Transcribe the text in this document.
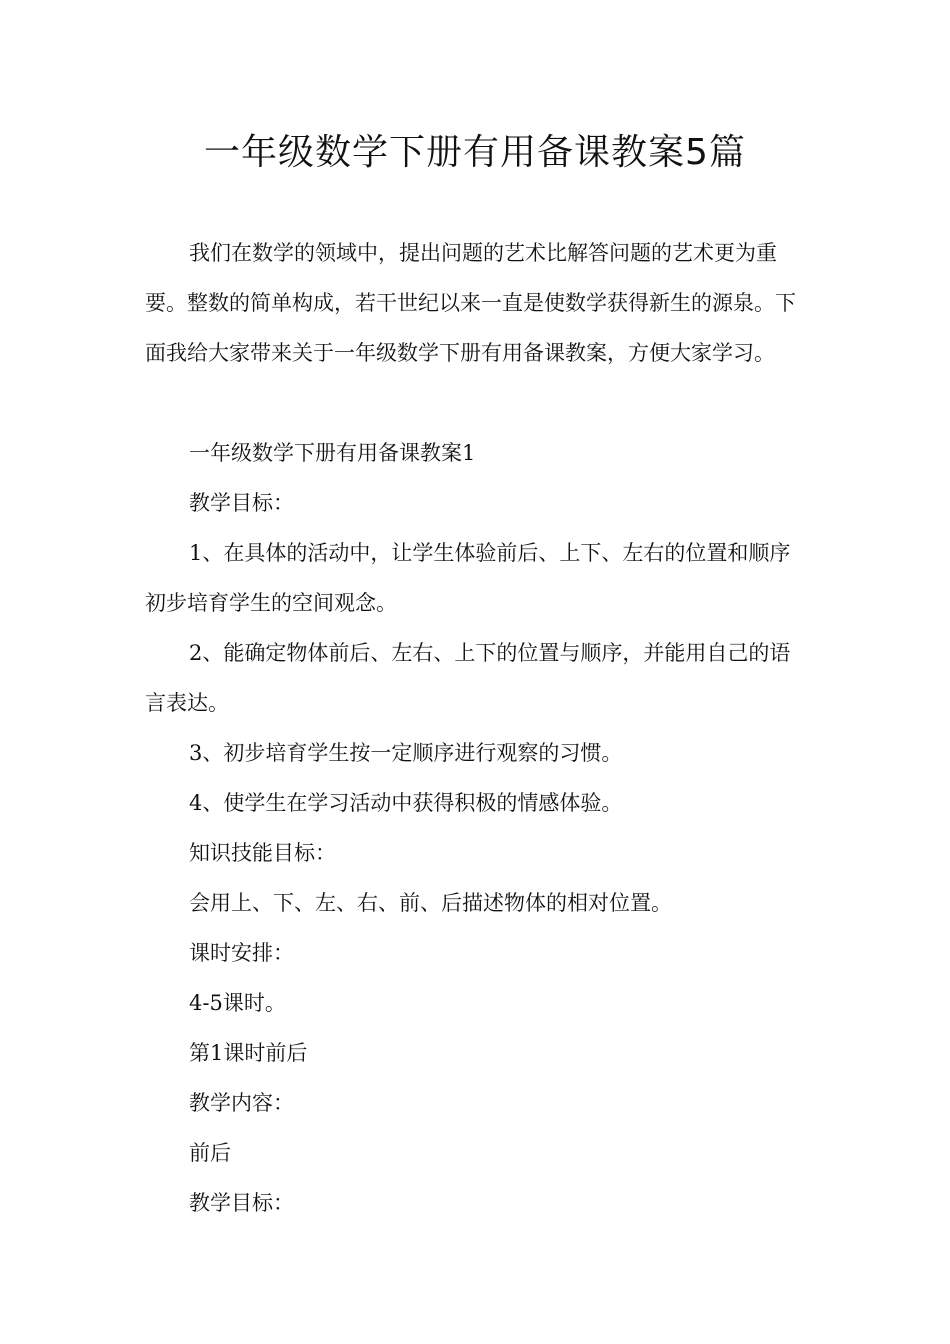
一年级数学下册有用备课教案5篇

我们在数学的领域中，提出问题的艺术比解答问题的艺术更为重要。整数的简单构成，若干世纪以来一直是使数学获得新生的源泉。下面我给大家带来关于一年级数学下册有用备课教案，方便大家学习。

一年级数学下册有用备课教案1

教学目标：

1、在具体的活动中，让学生体验前后、上下、左右的位置和顺序初步培育学生的空间观念。

2、能确定物体前后、左右、上下的位置与顺序，并能用自己的语言表达。

3、初步培育学生按一定顺序进行观察的习惯。

4、使学生在学习活动中获得积极的情感体验。

知识技能目标：

会用上、下、左、右、前、后描述物体的相对位置。

课时安排：

4-5课时。

第1课时前后

教学内容：

前后

教学目标：
